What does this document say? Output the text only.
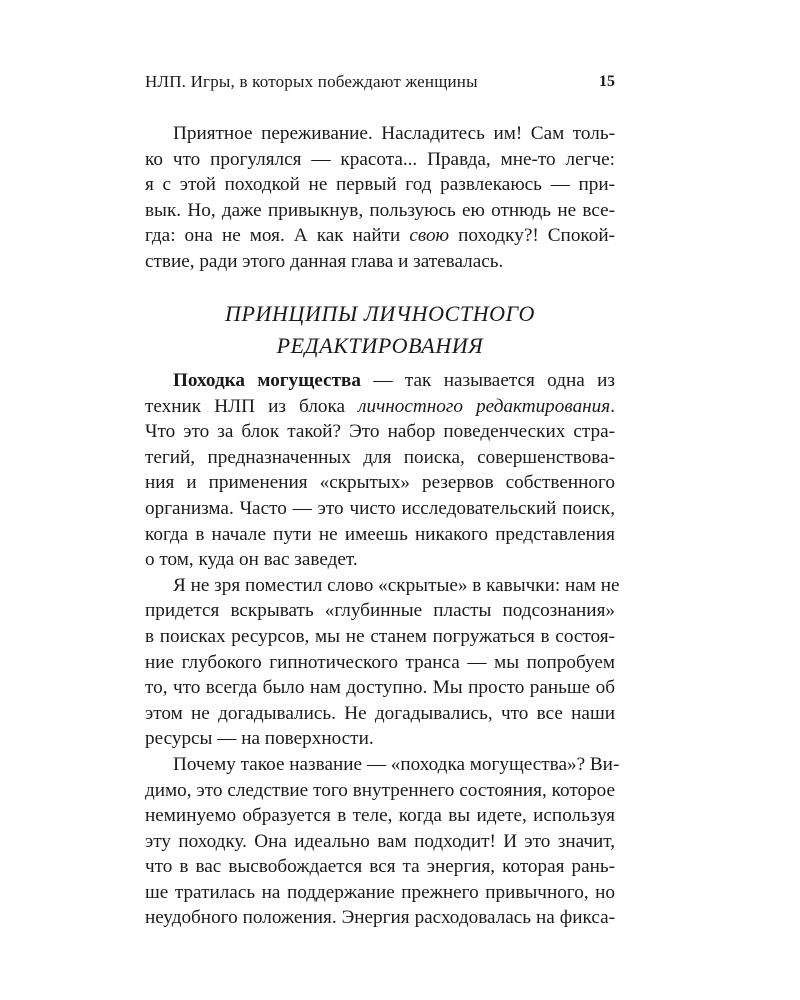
НЛП. Игры, в которых побеждают женщины	15
Приятное переживание. Насладитесь им! Сам толь-
ко что прогулялся — красота... Правда, мне-то легче:
я с этой походкой не первый год развлекаюсь — при-
вык. Но, даже привыкнув, пользуюсь ею отнюдь не все-
гда: она не моя. А как найти свою походку?! Спокой-
ствие, ради этого данная глава и затевалась.
ПРИНЦИПЫ ЛИЧНОСТНОГО
РЕДАКТИРОВАНИЯ
Походка могущества — так называется одна из
техник НЛП из блока личностного редактирования.
Что это за блок такой? Это набор поведенческих стра-
тегий, предназначенных для поиска, совершенствова-
ния и применения «скрытых» резервов собственного
организма. Часто — это чисто исследовательский поиск,
когда в начале пути не имеешь никакого представления
о том, куда он вас заведет.
Я не зря поместил слово «скрытые» в кавычки: нам не
придется вскрывать «глубинные пласты подсознания»
в поисках ресурсов, мы не станем погружаться в состоя-
ние глубокого гипнотического транса — мы попробуем
то, что всегда было нам доступно. Мы просто раньше об
этом не догадывались. Не догадывались, что все наши
ресурсы — на поверхности.
Почему такое название — «походка могущества»? Ви-
димо, это следствие того внутреннего состояния, которое
неминуемо образуется в теле, когда вы идете, используя
эту походку. Она идеально вам подходит! И это значит,
что в вас высвобождается вся та энергия, которая рань-
ше тратилась на поддержание прежнего привычного, но
неудобного положения. Энергия расходовалась на фикса-
